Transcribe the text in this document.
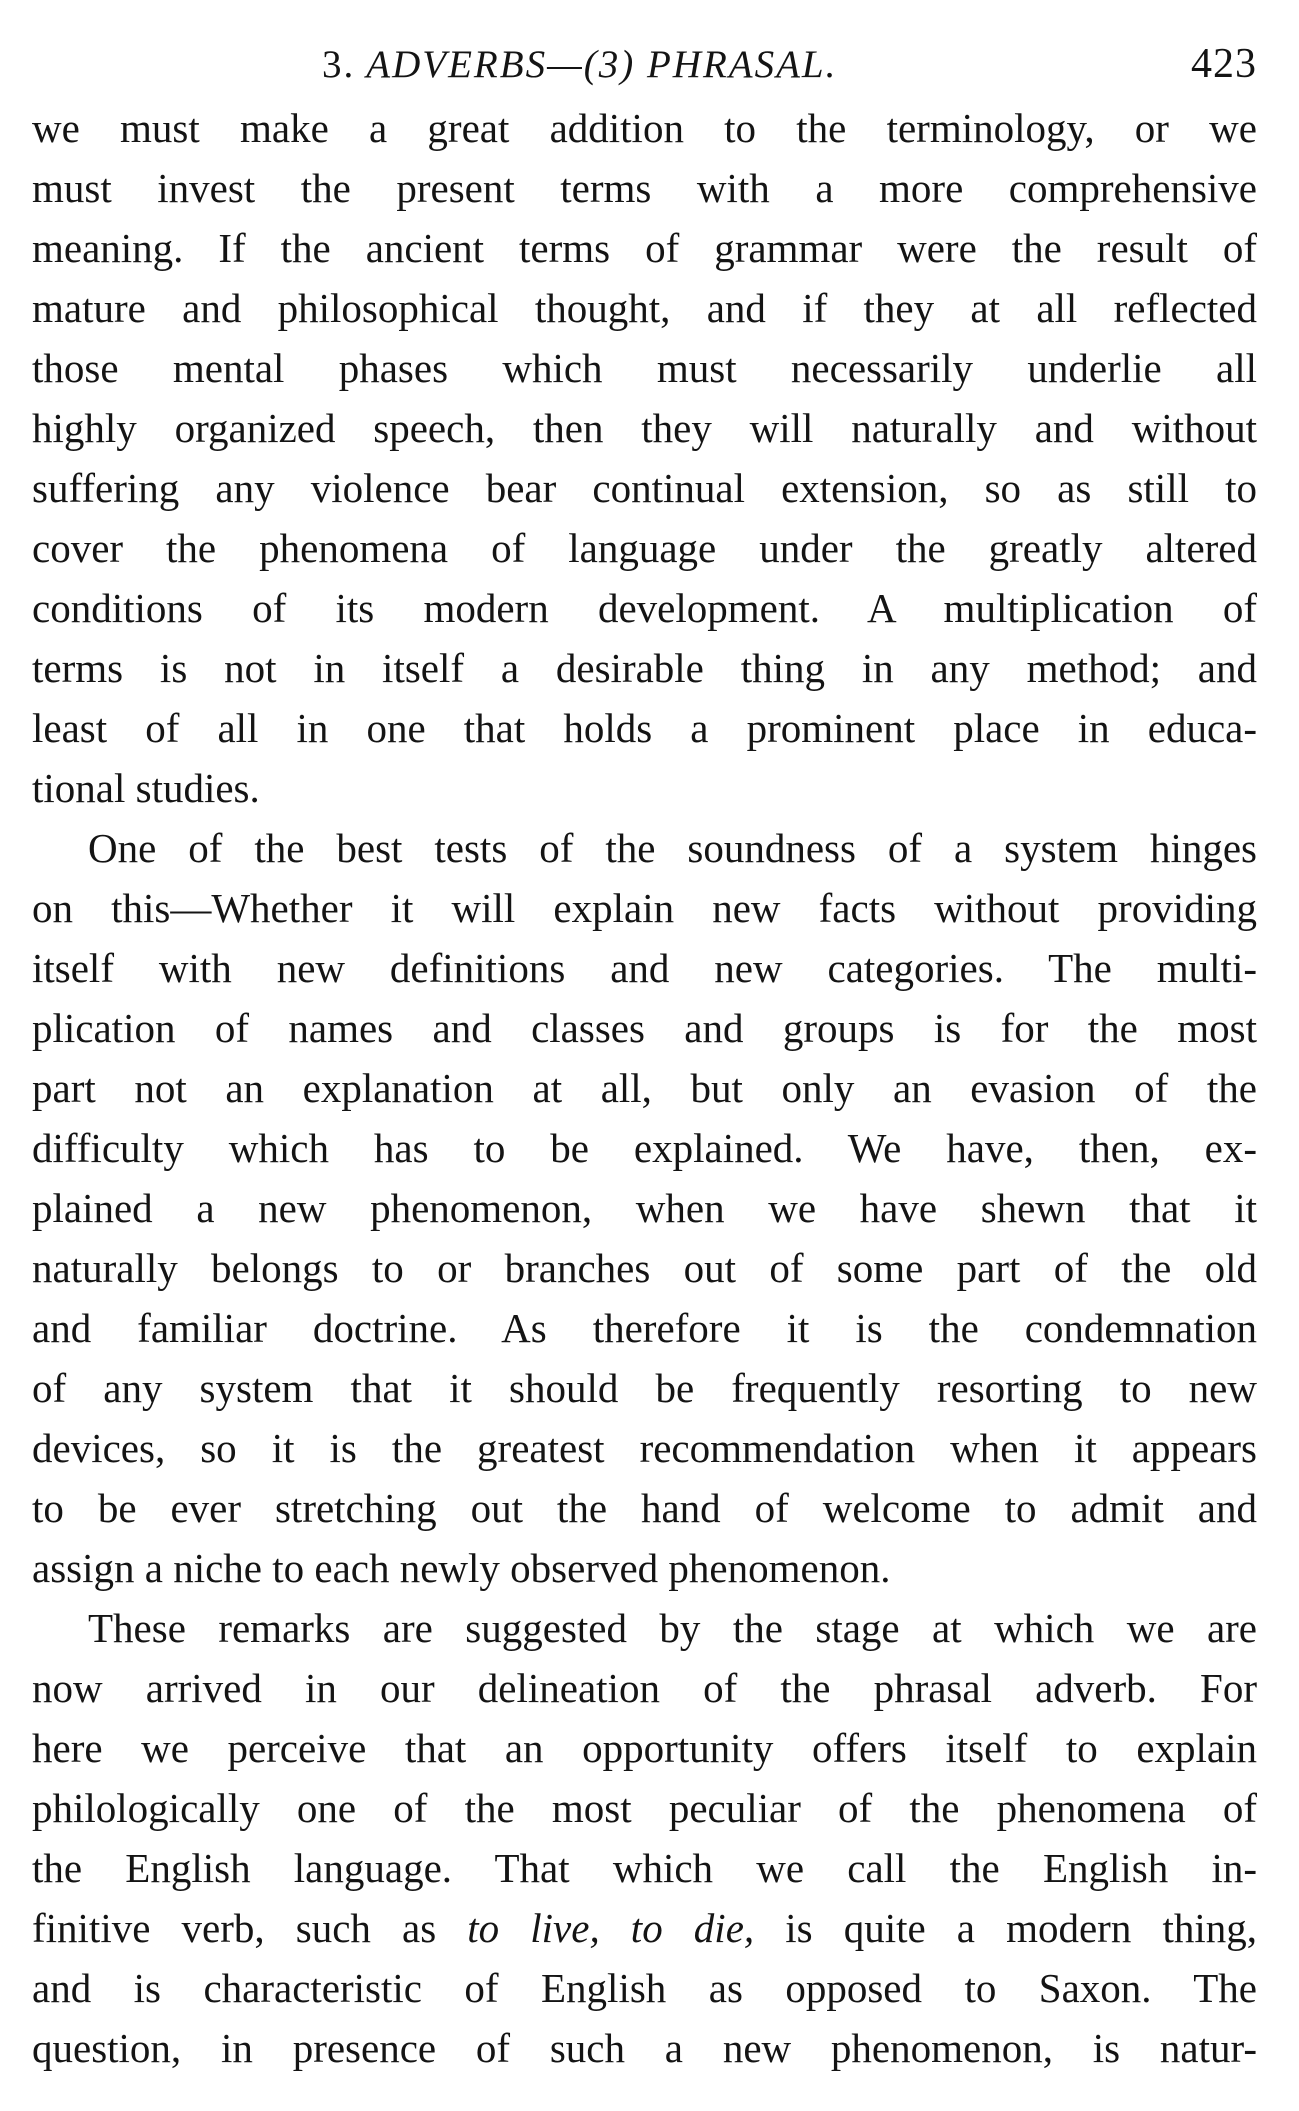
3. ADVERBS—(3) PHRASAL.	423

we must make a great addition to the terminology, or we
must invest the present terms with a more comprehensive
meaning. If the ancient terms of grammar were the result of
mature and philosophical thought, and if they at all reflected
those mental phases which must necessarily underlie all
highly organized speech, then they will naturally and without
suffering any violence bear continual extension, so as still to
cover the phenomena of language under the greatly altered
conditions of its modern development. A multiplication of
terms is not in itself a desirable thing in any method; and
least of all in one that holds a prominent place in educa-
tional studies.

One of the best tests of the soundness of a system hinges
on this—Whether it will explain new facts without providing
itself with new definitions and new categories. The multi-
plication of names and classes and groups is for the most
part not an explanation at all, but only an evasion of the
difficulty which has to be explained. We have, then, ex-
plained a new phenomenon, when we have shewn that it
naturally belongs to or branches out of some part of the old
and familiar doctrine. As therefore it is the condemnation
of any system that it should be frequently resorting to new
devices, so it is the greatest recommendation when it appears
to be ever stretching out the hand of welcome to admit and
assign a niche to each newly observed phenomenon.

These remarks are suggested by the stage at which we are
now arrived in our delineation of the phrasal adverb. For
here we perceive that an opportunity offers itself to explain
philologically one of the most peculiar of the phenomena of
the English language. That which we call the English in-
finitive verb, such as to live, to die, is quite a modern thing,
and is characteristic of English as opposed to Saxon. The
question, in presence of such a new phenomenon, is natur-
